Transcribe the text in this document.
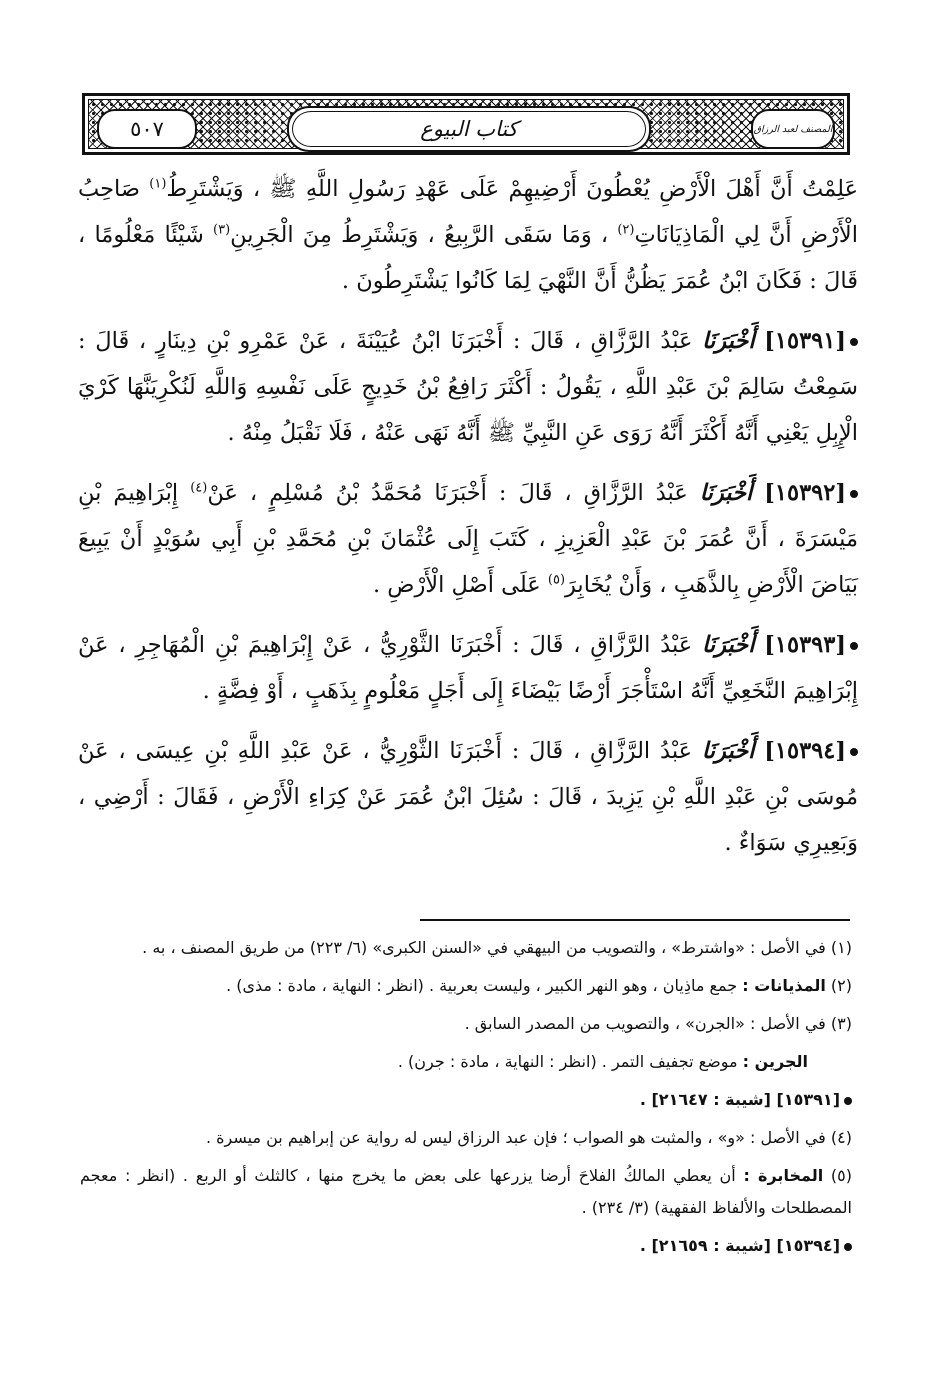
٥٠٧	كتاب البيوع	المصنف لعبد الرزاق

عَلِمْتُ أَنَّ أَهْلَ الْأَرْضِ يُعْطُونَ أَرْضِيهِمْ عَلَى عَهْدِ رَسُولِ اللَّهِ ﷺ ، وَيَشْتَرِطُ$^{(١)}$ صَاحِبُ الْأَرْضِ أَنَّ لِي الْمَاذِيَانَاتِ$^{(٢)}$ ، وَمَا سَقَى الرَّبِيعُ ، وَيَشْتَرِطُ مِنَ الْجَرِينِ$^{(٣)}$ شَيْئًا مَعْلُومًا ، قَالَ : فَكَانَ ابْنُ عُمَرَ يَظُنُّ أَنَّ النَّهْيَ لِمَا كَانُوا يَشْتَرِطُونَ .

[١٥٣٩١] أَخْبَرَنَا عَبْدُ الرَّزَّاقِ ، قَالَ : أَخْبَرَنَا ابْنُ عُيَيْنَةَ ، عَنْ عَمْرِو بْنِ دِينَارٍ ، قَالَ : سَمِعْتُ سَالِمَ بْنَ عَبْدِ اللَّهِ ، يَقُولُ : أَكْثَرَ رَافِعُ بْنُ خَدِيجٍ عَلَى نَفْسِهِ وَاللَّهِ لَنُكْرِيَنَّهَا كَرْيَ الْإِبِلِ يَعْنِي أَنَّهُ أَكْثَرَ أَنَّهُ رَوَى عَنِ النَّبِيِّ ﷺ أَنَّهُ نَهَى عَنْهُ ، فَلَا نَقْبَلُ مِنْهُ .

[١٥٣٩٢] أَخْبَرَنَا عَبْدُ الرَّزَّاقِ ، قَالَ : أَخْبَرَنَا مُحَمَّدُ بْنُ مُسْلِمٍ ، عَنْ$^{(٤)}$ إِبْرَاهِيمَ بْنِ مَيْسَرَةَ ، أَنَّ عُمَرَ بْنَ عَبْدِ الْعَزِيزِ ، كَتَبَ إِلَى عُثْمَانَ بْنِ مُحَمَّدِ بْنِ أَبِي سُوَيْدٍ أَنْ يَبِيعَ بَيَاضَ الْأَرْضِ بِالذَّهَبِ ، وَأَنْ يُخَابِرَ$^{(٥)}$ عَلَى أَصْلِ الْأَرْضِ .

[١٥٣٩٣] أَخْبَرَنَا عَبْدُ الرَّزَّاقِ ، قَالَ : أَخْبَرَنَا الثَّوْرِيُّ ، عَنْ إِبْرَاهِيمَ بْنِ الْمُهَاجِرِ ، عَنْ إِبْرَاهِيمَ النَّخَعِيِّ أَنَّهُ اسْتَأْجَرَ أَرْضًا بَيْضَاءَ إِلَى أَجَلٍ مَعْلُومٍ بِذَهَبٍ ، أَوْ فِضَّةٍ .

[١٥٣٩٤] أَخْبَرَنَا عَبْدُ الرَّزَّاقِ ، قَالَ : أَخْبَرَنَا الثَّوْرِيُّ ، عَنْ عَبْدِ اللَّهِ بْنِ عِيسَى ، عَنْ مُوسَى بْنِ عَبْدِ اللَّهِ بْنِ يَزِيدَ ، قَالَ : سُئِلَ ابْنُ عُمَرَ عَنْ كِرَاءِ الْأَرْضِ ، فَقَالَ : أَرْضِي ، وَبَعِيرِي سَوَاءٌ .

(١) في الأصل : «واشترط» ، والتصويب من البيهقي في «السنن الكبرى» (٦/ ٢٢٣) من طريق المصنف ، به .

(٢) المذيانات : جمع ماذِيان ، وهو النهر الكبير ، وليست بعربية . (انظر : النهاية ، مادة : مذى) .

(٣) في الأصل : «الجرن» ، والتصويب من المصدر السابق .

الجرين : موضع تجفيف التمر . (انظر : النهاية ، مادة : جرن) .

[١٥٣٩١] [شيبة : ٢١٦٤٧] .

(٤) في الأصل : «و» ، والمثبت هو الصواب ؛ فإن عبد الرزاق ليس له رواية عن إبراهيم بن ميسرة .

(٥) المخابرة : أن يعطي المالكُ الفلاحَ أرضا يزرعها على بعض ما يخرج منها ، كالثلث أو الربع . (انظر : معجم المصطلحات والألفاظ الفقهية) (٣/ ٢٣٤) .

[١٥٣٩٤] [شيبة : ٢١٦٥٩] .
